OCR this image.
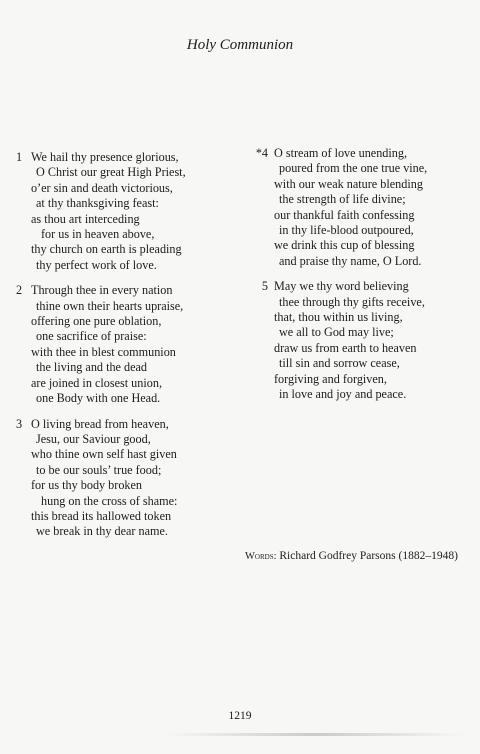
Holy Communion
1 We hail thy presence glorious,
O Christ our great High Priest,
o’er sin and death victorious,
at thy thanksgiving feast:
as thou art interceding
for us in heaven above,
thy church on earth is pleading
thy perfect work of love.
2 Through thee in every nation
thine own their hearts upraise,
offering one pure oblation,
one sacrifice of praise:
with thee in blest communion
the living and the dead
are joined in closest union,
one Body with one Head.
3 O living bread from heaven,
Jesu, our Saviour good,
who thine own self hast given
to be our souls’ true food;
for us thy body broken
hung on the cross of shame:
this bread its hallowed token
we break in thy dear name.
*4 O stream of love unending,
poured from the one true vine,
with our weak nature blending
the strength of life divine;
our thankful faith confessing
in thy life-blood outpoured,
we drink this cup of blessing
and praise thy name, O Lord.
5 May we thy word believing
thee through thy gifts receive,
that, thou within us living,
we all to God may live;
draw us from earth to heaven
till sin and sorrow cease,
forgiving and forgiven,
in love and joy and peace.
Words: Richard Godfrey Parsons (1882–1948)
1219
